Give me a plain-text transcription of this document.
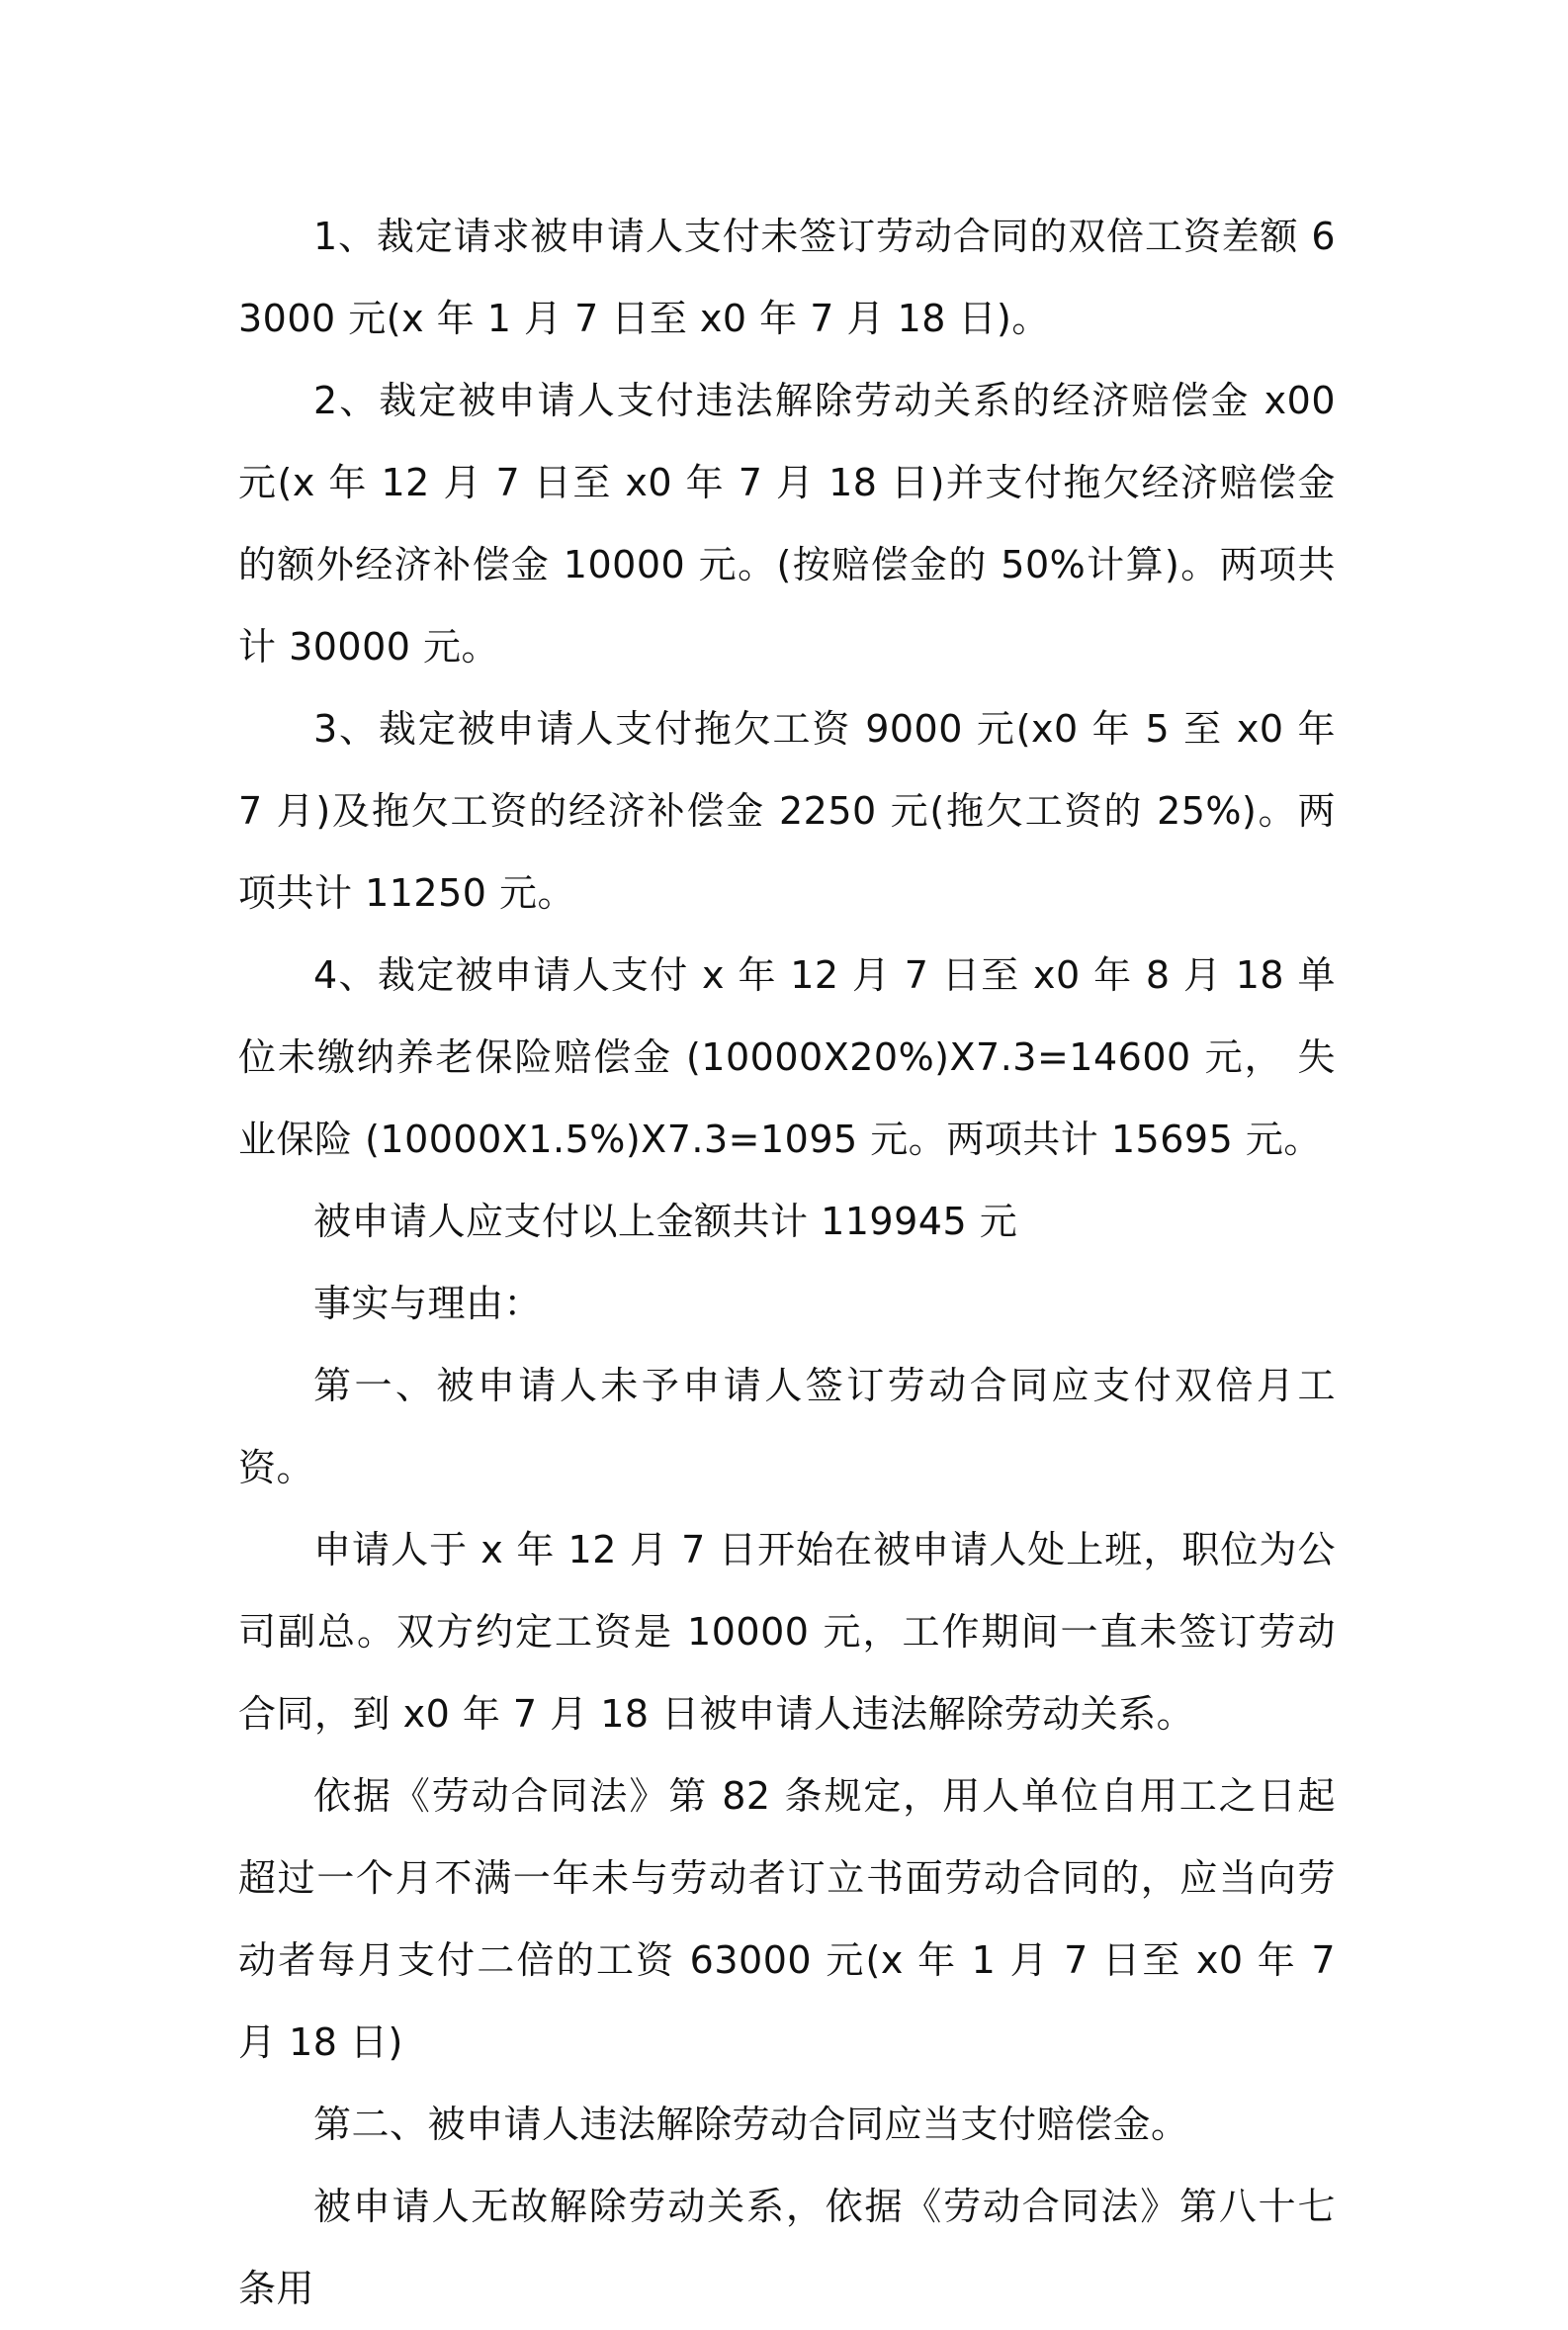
1、裁定请求被申请人支付未签订劳动合同的双倍工资差额 63000 元(x 年 1 月 7 日至 x0 年 7 月 18 日)。

2、裁定被申请人支付违法解除劳动关系的经济赔偿金 x00 元(x 年 12 月 7 日至 x0 年 7 月 18 日)并支付拖欠经济赔偿金的额外经济补偿金 10000 元。(按赔偿金的 50%计算)。两项共计 30000 元。

3、裁定被申请人支付拖欠工资 9000 元(x0 年 5 至 x0 年 7 月)及拖欠工资的经济补偿金 2250 元(拖欠工资的 25%)。两项共计 11250 元。

4、裁定被申请人支付 x 年 12 月 7 日至 x0 年 8 月 18 单位未缴纳养老保险赔偿金 (10000X20%)X7.3=14600 元， 失业保险 (10000X1.5%)X7.3=1095 元。两项共计 15695 元。

被申请人应支付以上金额共计 119945 元

事实与理由：

第一、被申请人未予申请人签订劳动合同应支付双倍月工资。

申请人于 x 年 12 月 7 日开始在被申请人处上班，职位为公司副总。双方约定工资是 10000 元，工作期间一直未签订劳动合同，到 x0 年 7 月 18 日被申请人违法解除劳动关系。

依据《劳动合同法》第 82 条规定，用人单位自用工之日起超过一个月不满一年未与劳动者订立书面劳动合同的，应当向劳动者每月支付二倍的工资 63000 元(x 年 1 月 7 日至 x0 年 7 月 18 日)

第二、被申请人违法解除劳动合同应当支付赔偿金。

被申请人无故解除劳动关系，依据《劳动合同法》第八十七条用
